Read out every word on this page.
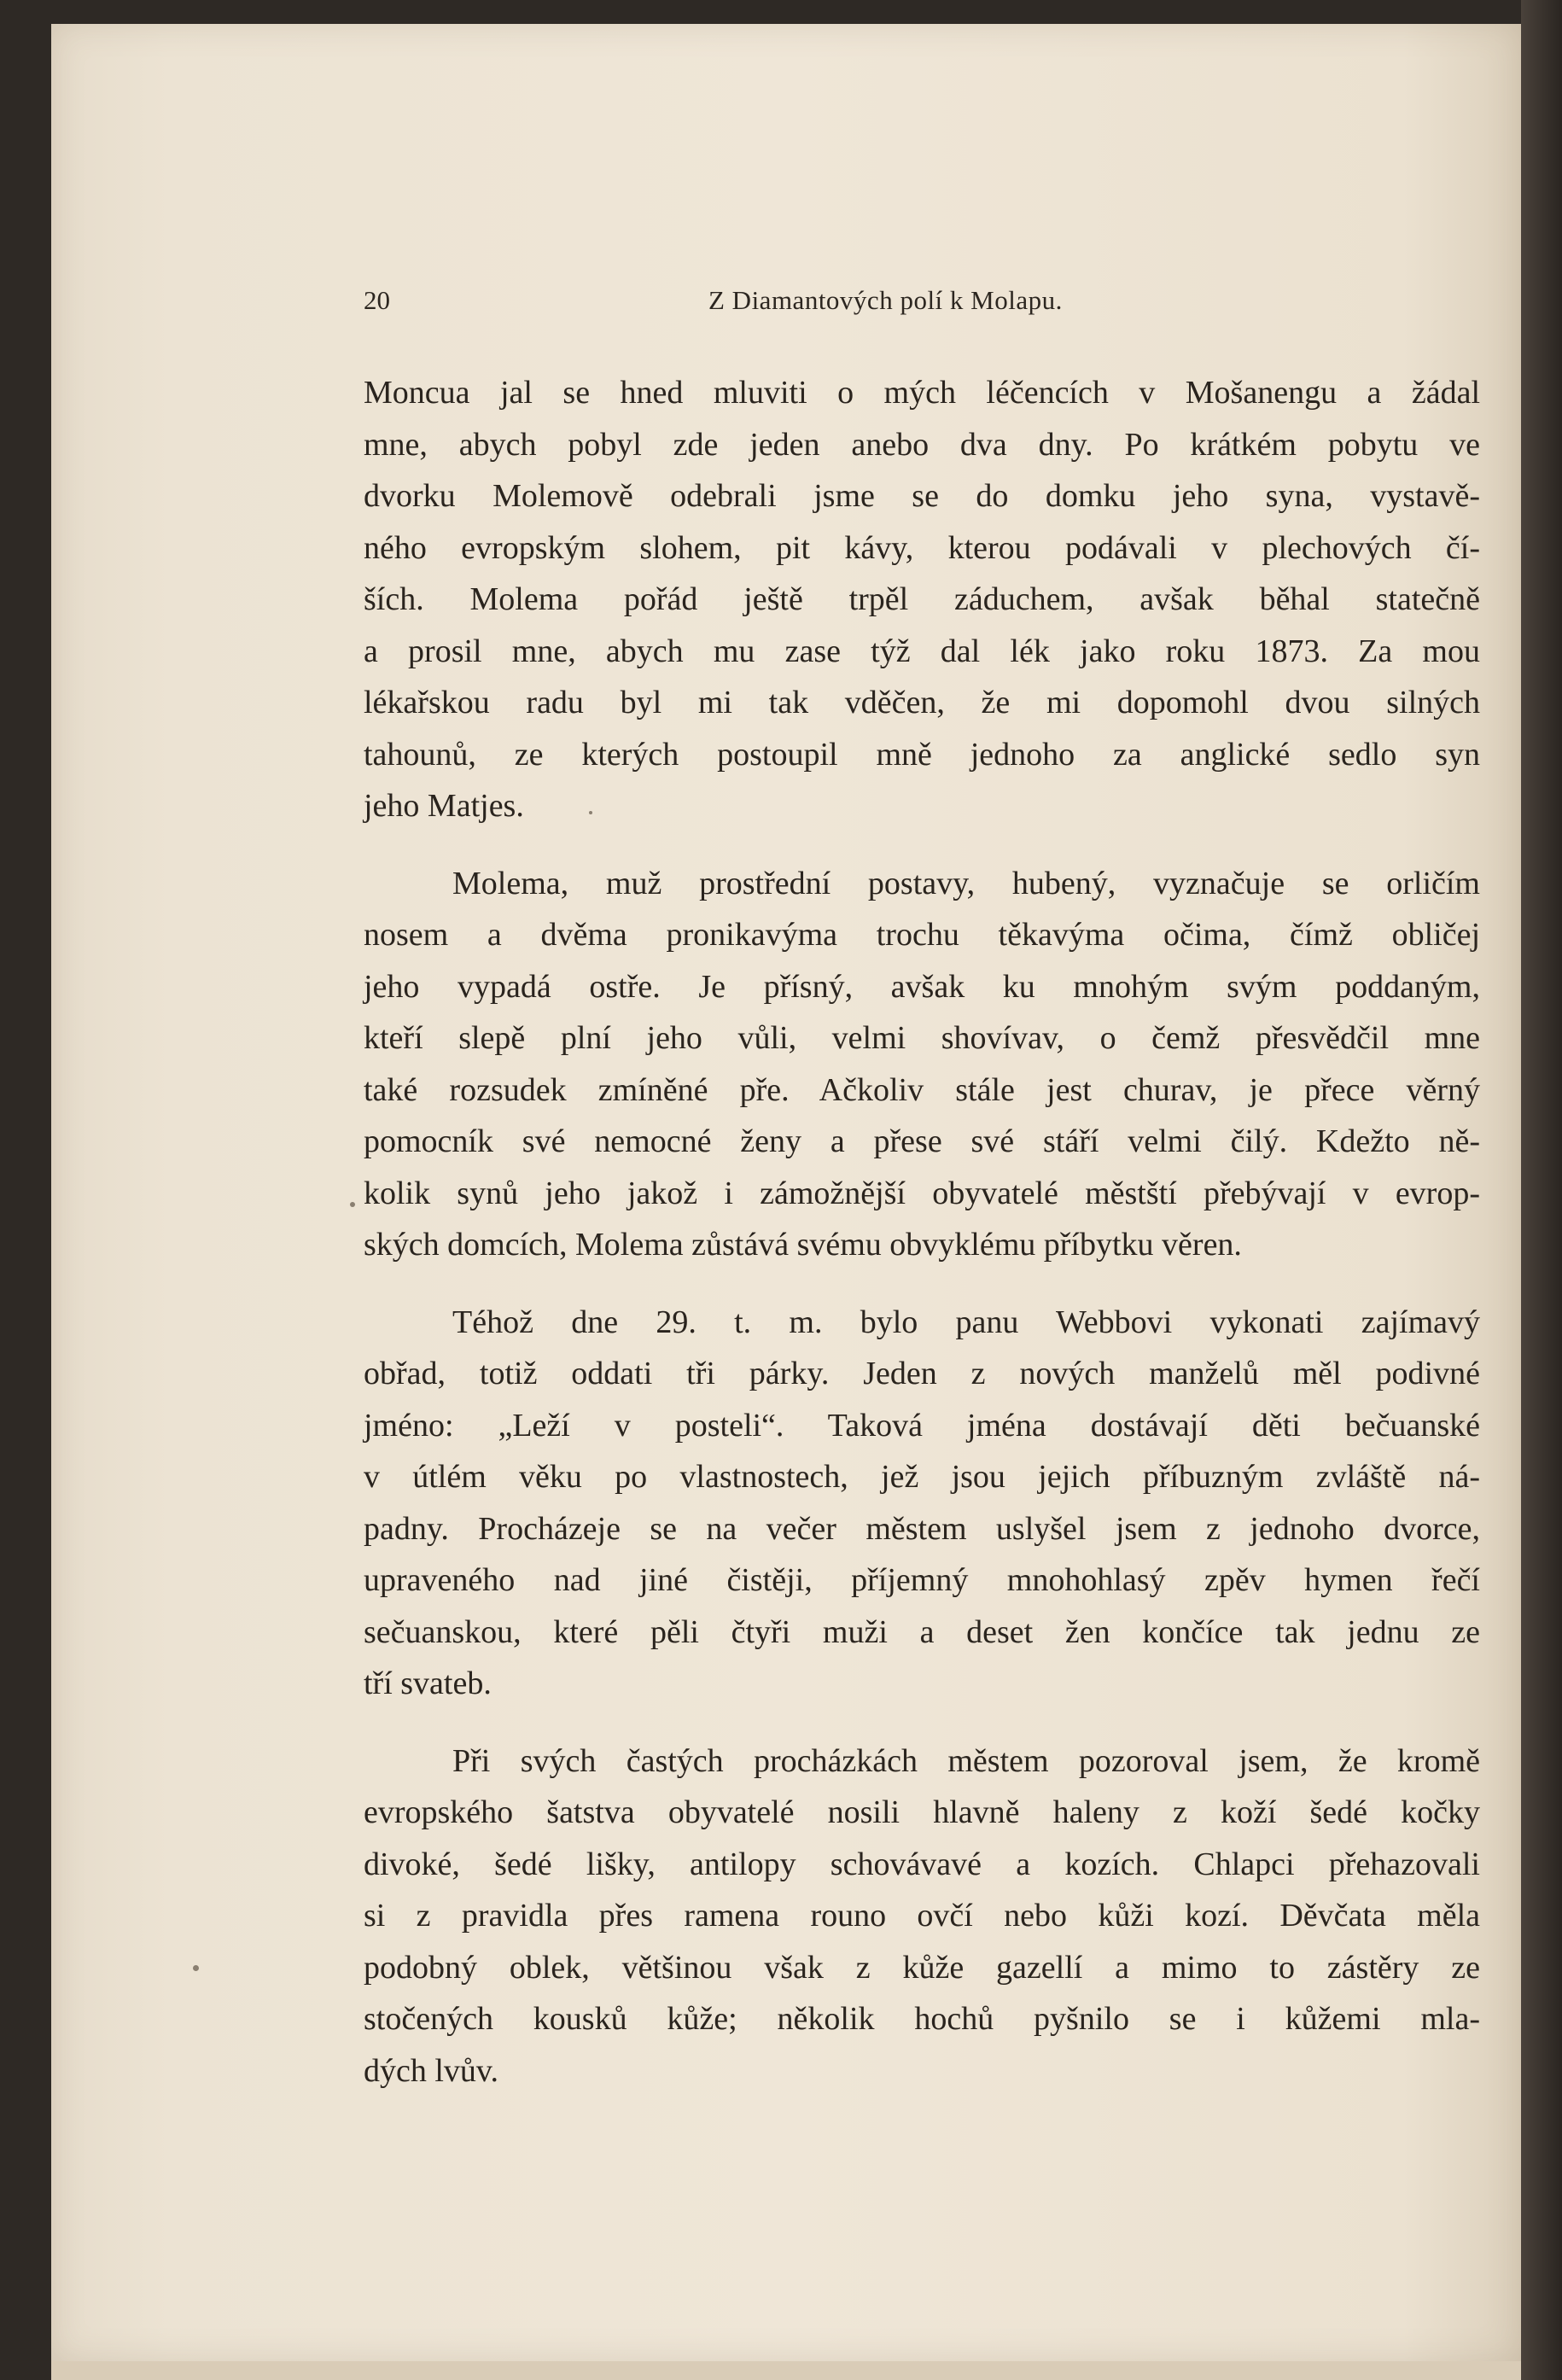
20	Z Diamantových polí k Molapu.

Moncua jal se hned mluviti o mých léčencích v Mošanengu a žádal
mne, abych pobyl zde jeden anebo dva dny. Po krátkém pobytu ve
dvorku Molemově odebrali jsme se do domku jeho syna, vystavě-
ného evropským slohem, pit kávy, kterou podávali v plechových čí-
ších. Molema pořád ještě trpěl záduchem, avšak běhal statečně
a prosil mne, abych mu zase týž dal lék jako roku 1873. Za mou
lékařskou radu byl mi tak vděčen, že mi dopomohl dvou silných
tahounů, ze kterých postoupil mně jednoho za anglické sedlo syn
jeho Matjes.

Molema, muž prostřední postavy, hubený, vyznačuje se orličím
nosem a dvěma pronikavýma trochu těkavýma očima, čímž obličej
jeho vypadá ostře. Je přísný, avšak ku mnohým svým poddaným,
kteří slepě plní jeho vůli, velmi shovívav, o čemž přesvědčil mne
také rozsudek zmíněné pře. Ačkoliv stále jest churav, je přece věrný
pomocník své nemocné ženy a přese své stáří velmi čilý. Kdežto ně-
kolik synů jeho jakož i zámožnější obyvatelé městští přebývají v evrop-
ských domcích, Molema zůstává svému obvyklému příbytku věren.

Téhož dne 29. t. m. bylo panu Webbovi vykonati zajímavý
obřad, totiž oddati tři párky. Jeden z nových manželů měl podivné
jméno: „Leží v posteli“. Taková jména dostávají děti bečuanské
v útlém věku po vlastnostech, jež jsou jejich příbuzným zvláště ná-
padny. Procházeje se na večer městem uslyšel jsem z jednoho dvorce,
upraveného nad jiné čistěji, příjemný mnohohlasý zpěv hymen řečí
sečuanskou, které pěli čtyři muži a deset žen končíce tak jednu ze
tří svateb.

Při svých častých procházkách městem pozoroval jsem, že kromě
evropského šatstva obyvatelé nosili hlavně haleny z koží šedé kočky
divoké, šedé lišky, antilopy schovávavé a kozích. Chlapci přehazovali
si z pravidla přes ramena rouno ovčí nebo kůži kozí. Děvčata měla
podobný oblek, většinou však z kůže gazellí a mimo to zástěry ze
stočených kousků kůže; několik hochů pyšnilo se i kůžemi mla-
dých lvův.
